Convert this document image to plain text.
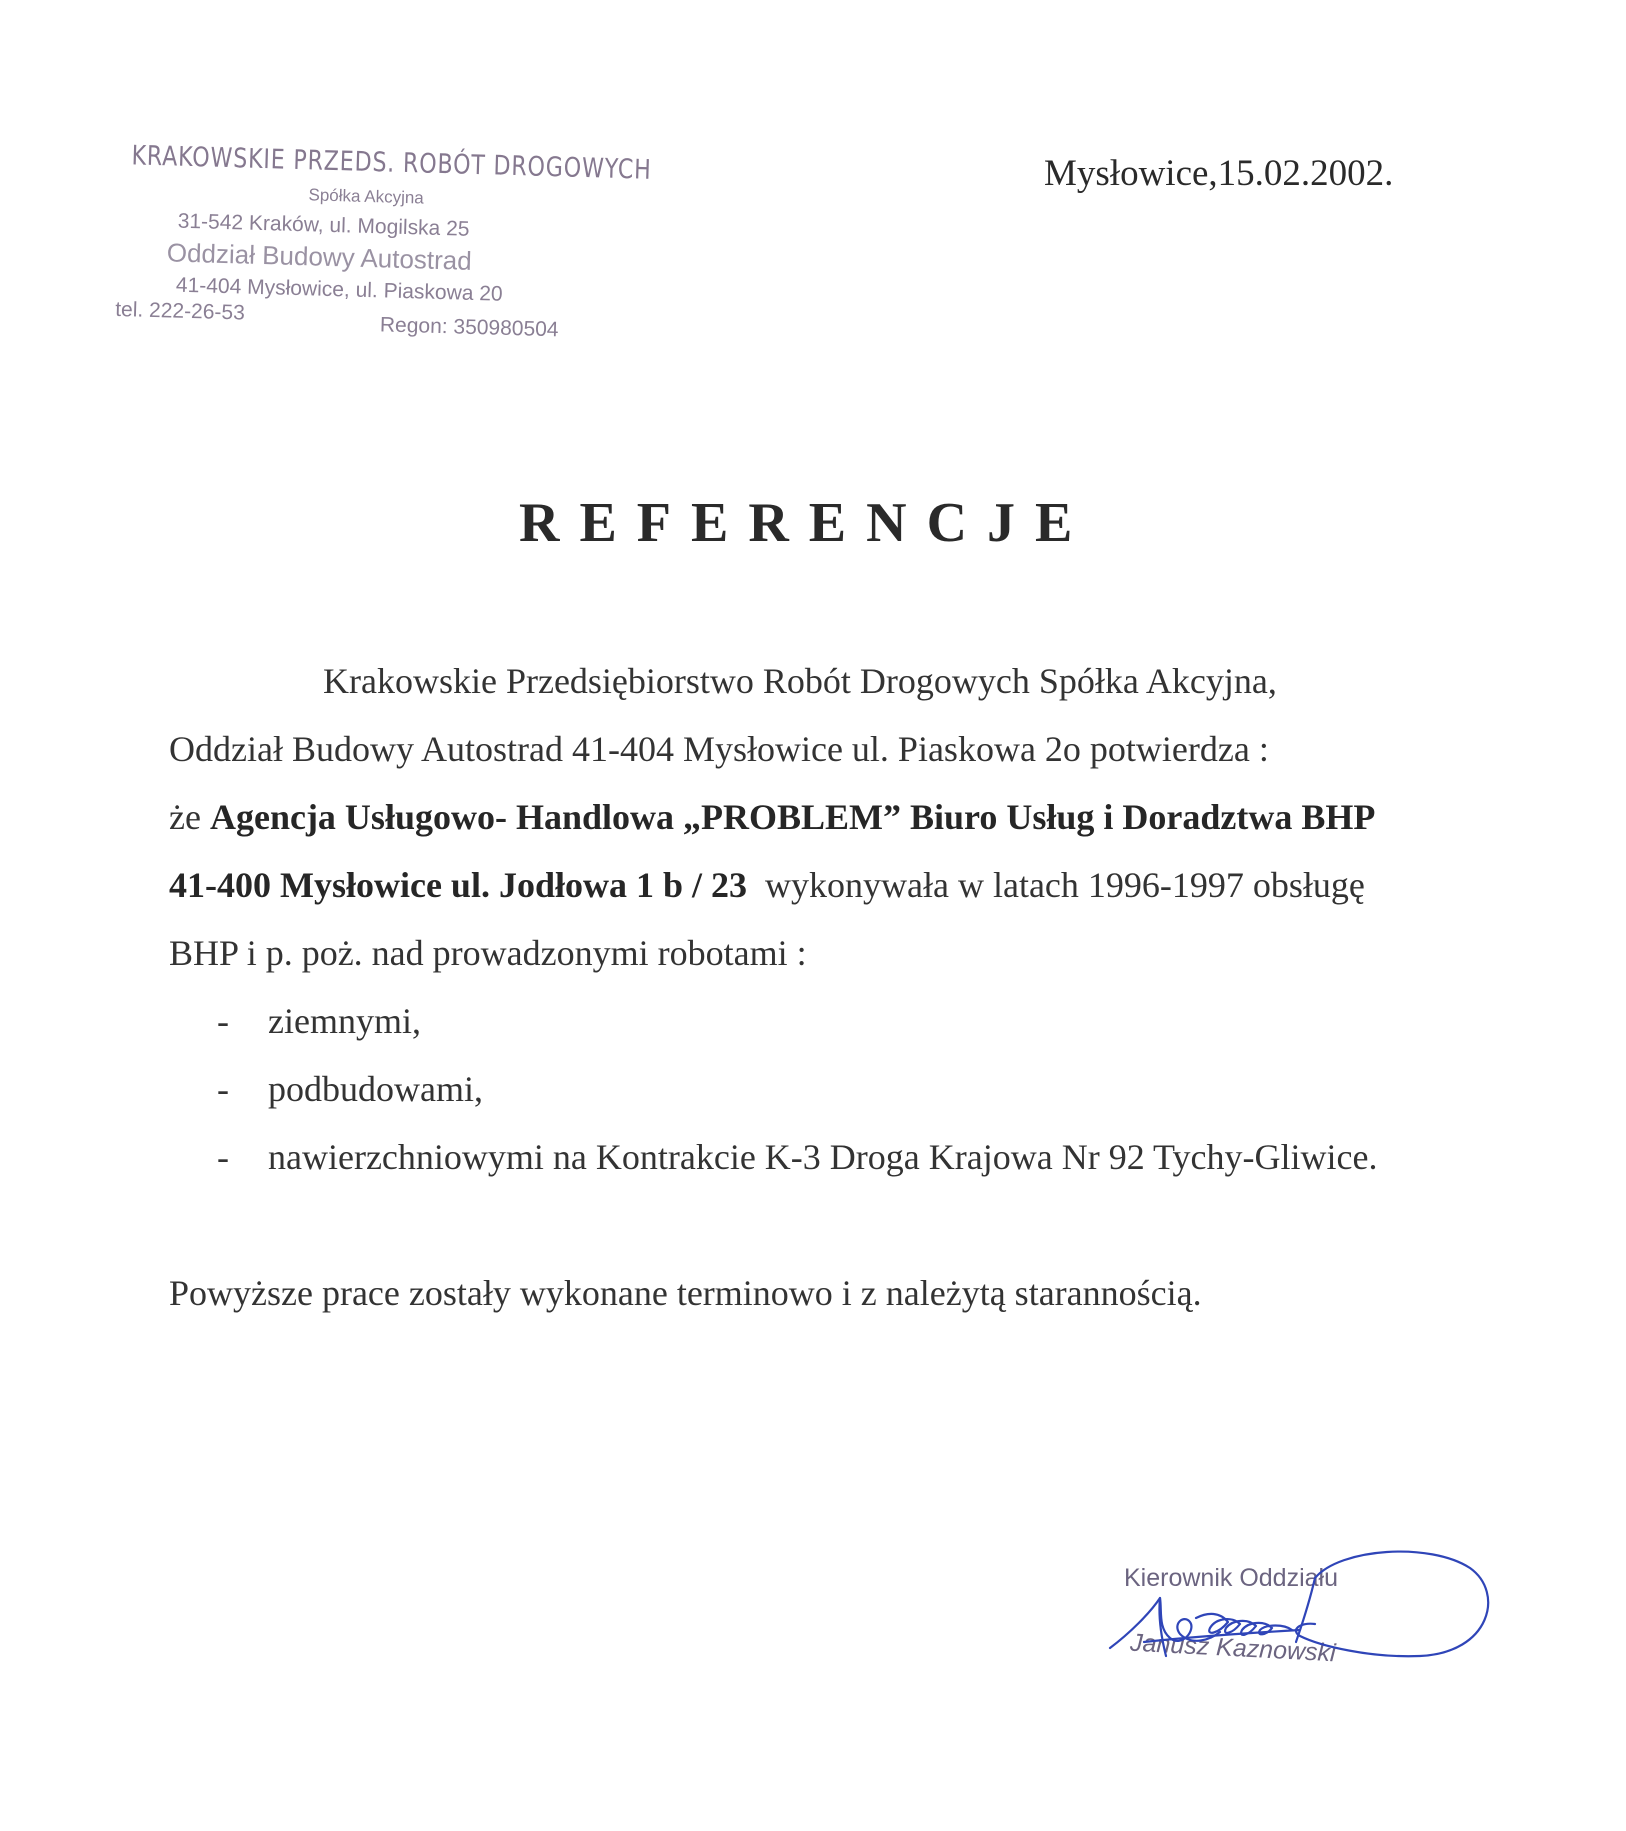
KRAKOWSKIE PRZEDS. ROBÓT DROGOWYCH
Spółka Akcyjna
31-542 Kraków, ul. Mogilska 25
Oddział Budowy Autostrad
41-404 Mysłowice, ul. Piaskowa 20
tel. 222-26-53
Regon: 350980504
Mysłowice,15.02.2002.
REFERENCJE
Krakowskie Przedsiębiorstwo Robót Drogowych Spółka Akcyjna,
Oddział Budowy Autostrad 41-404 Mysłowice ul. Piaskowa 2o potwierdza :
że Agencja Usługowo- Handlowa „PROBLEM” Biuro Usług i Doradztwa BHP
41-400 Mysłowice ul. Jodłowa 1 b / 23 wykonywała w latach 1996-1997 obsługę
BHP i p. poż. nad prowadzonymi robotami :
- ziemnymi,
- podbudowami,
- nawierzchniowymi na Kontrakcie K-3 Droga Krajowa Nr 92 Tychy-Gliwice.
Powyższe prace zostały wykonane terminowo i z należytą starannością.
Kierownik Oddziału
Janusz Kaznowski
